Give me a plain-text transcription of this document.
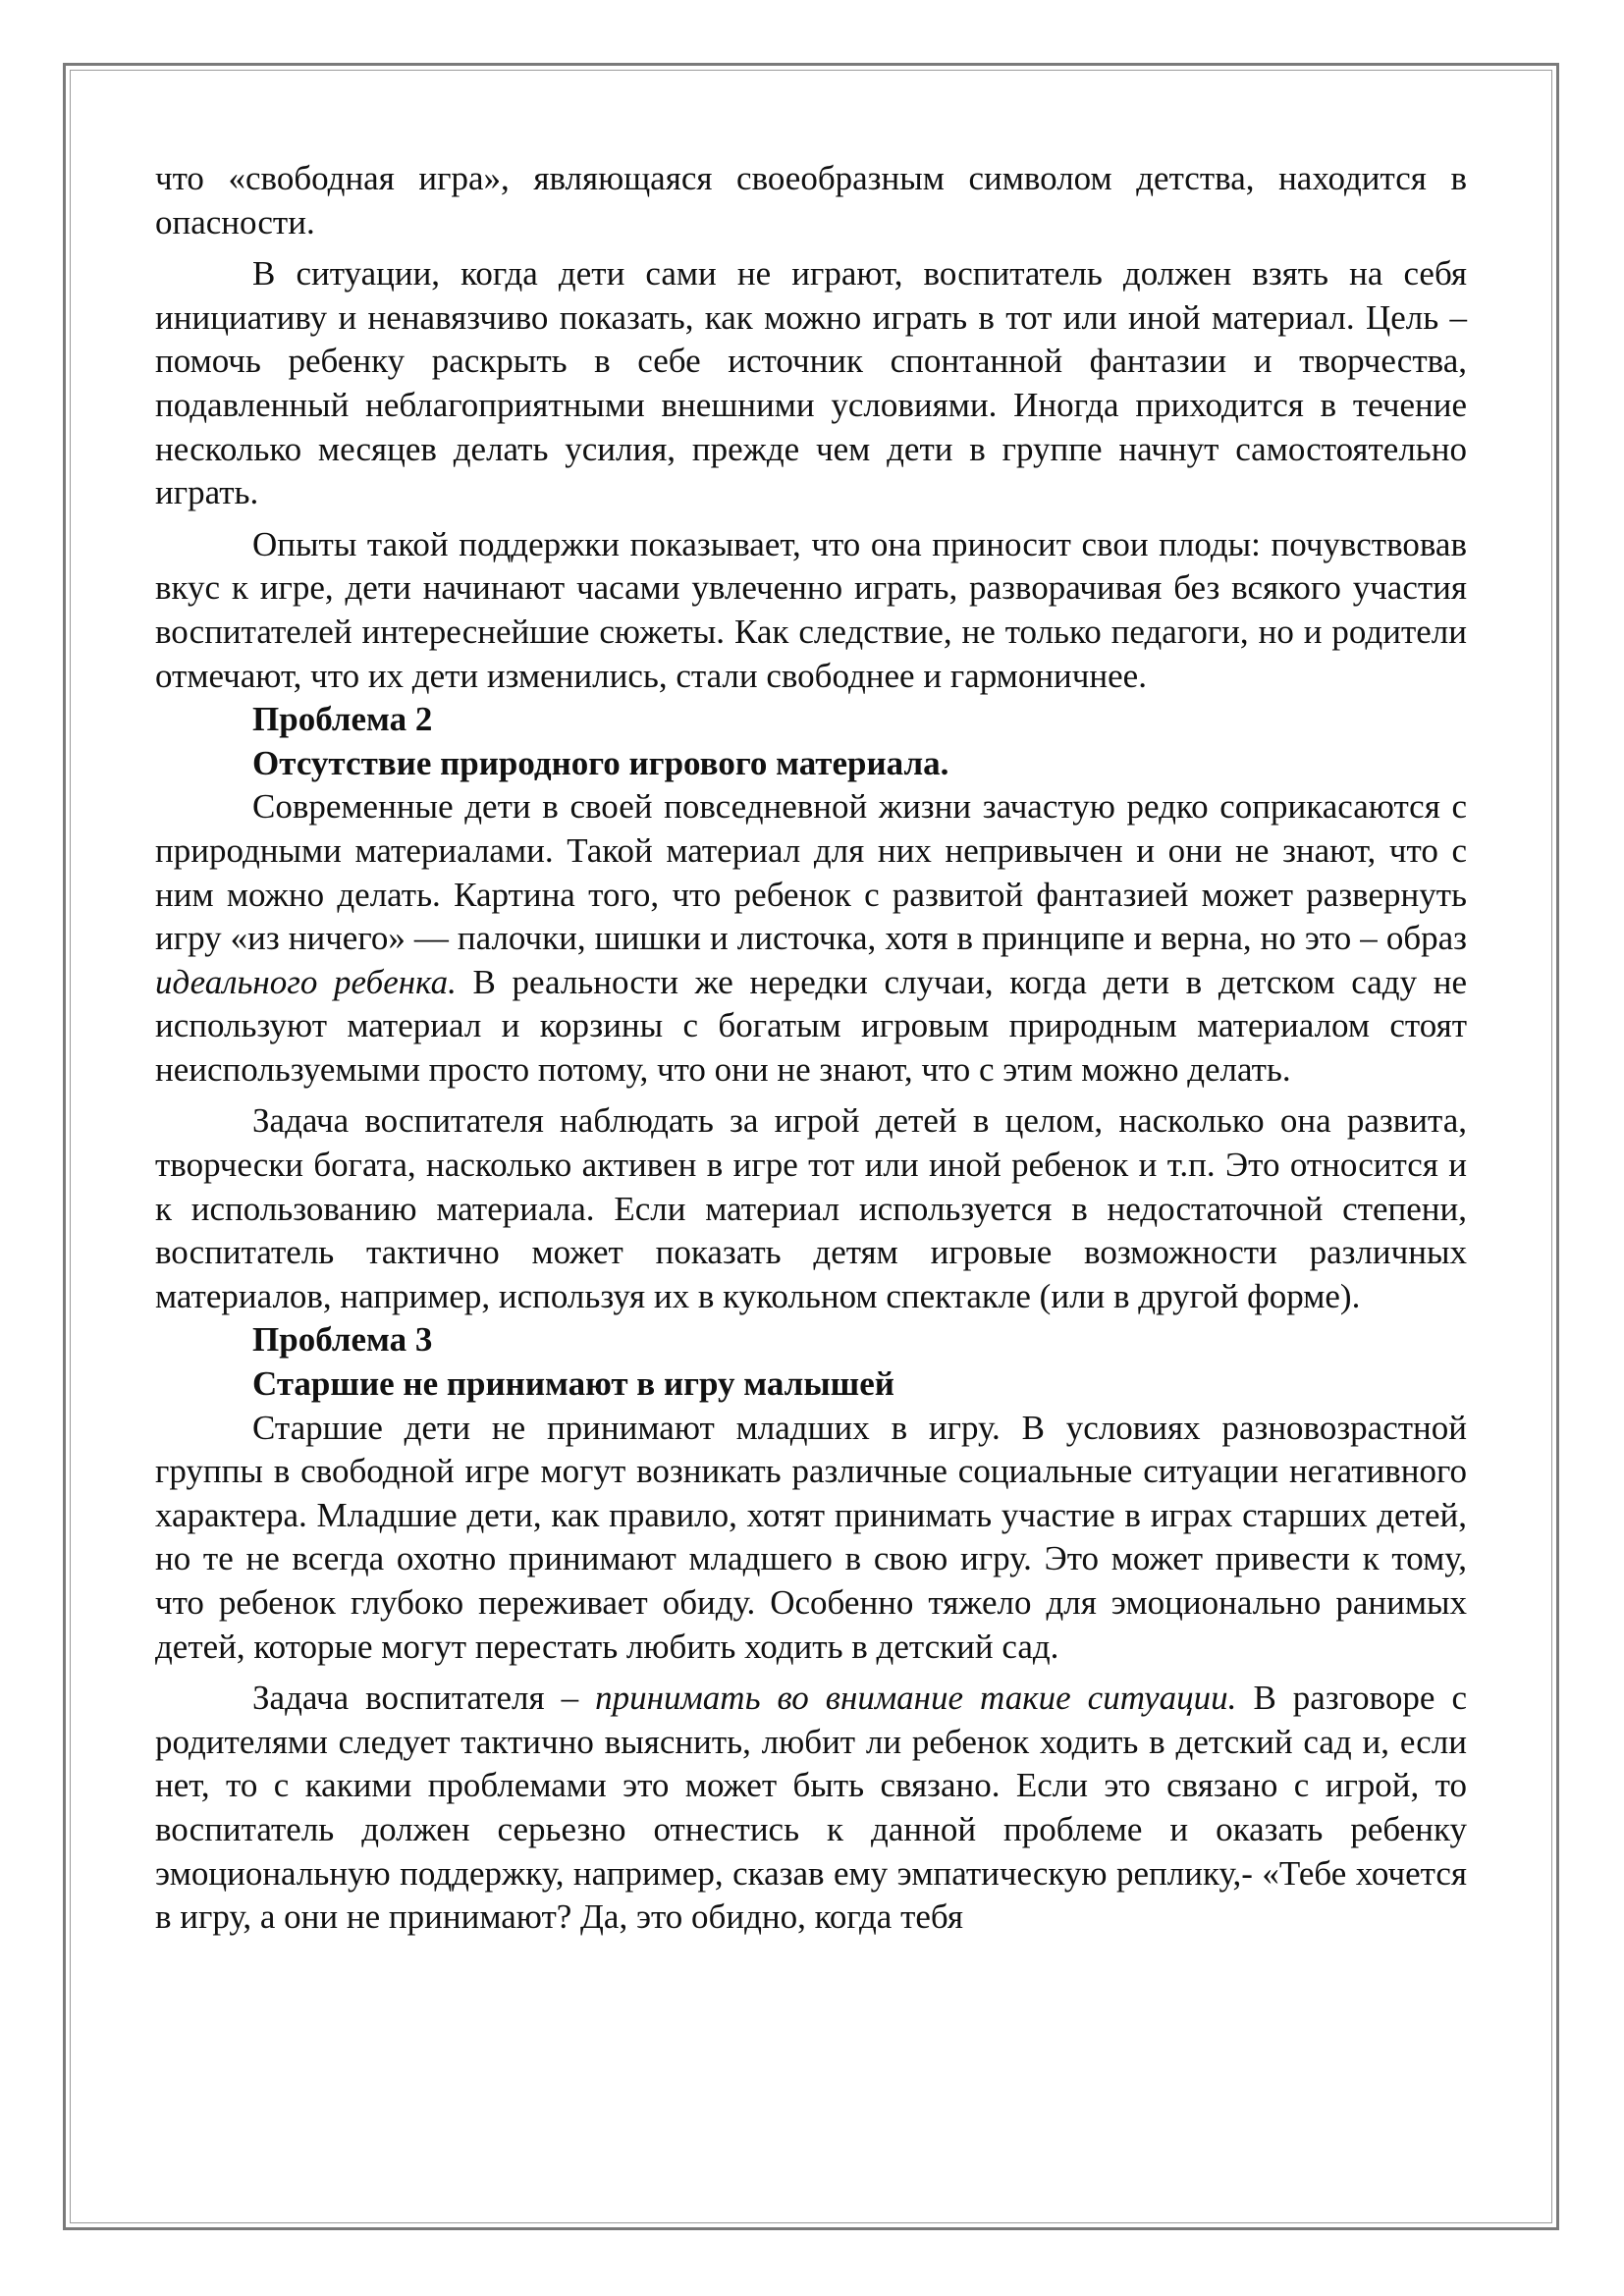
что «свободная игра», являющаяся своеобразным символом детства, находится в опасности.

В ситуации, когда дети сами не играют, воспитатель должен взять на себя инициативу и ненавязчиво показать, как можно играть в тот или иной материал. Цель – помочь ребенку раскрыть в себе источник спонтанной фантазии и творчества, подавленный неблагоприятными внешними условиями. Иногда приходится в течение несколько месяцев делать усилия, прежде чем дети в группе начнут самостоятельно играть.

Опыты такой поддержки показывает, что она приносит свои плоды: почувствовав вкус к игре, дети начинают часами увлеченно играть, разворачивая без всякого участия воспитателей интереснейшие сюжеты. Как следствие, не только педагоги, но и родители отмечают, что их дети изменились, стали свободнее и гармоничнее.

Проблема 2

Отсутствие природного игрового материала.

Современные дети в своей повседневной жизни зачастую редко соприкасаются с природными материалами. Такой материал для них непривычен и они не знают, что с ним можно делать. Картина того, что ребенок с развитой фантазией может развернуть игру «из ничего» — палочки, шишки и листочка, хотя в принципе и верна, но это – образ идеального ребенка. В реальности же нередки случаи, когда дети в детском саду не используют материал и корзины с богатым игровым природным материалом стоят неиспользуемыми просто потому, что они не знают, что с этим можно делать.

Задача воспитателя наблюдать за игрой детей в целом, насколько она развита, творчески богата, насколько активен в игре тот или иной ребенок и т.п. Это относится и к использованию материала. Если материал используется в недостаточной степени, воспитатель тактично может показать детям игровые возможности различных материалов, например, используя их в кукольном спектакле (или в другой форме).

Проблема 3

Старшие не принимают в игру малышей

Старшие дети не принимают младших в игру. В условиях разновозрастной группы в свободной игре могут возникать различные социальные ситуации негативного характера. Младшие дети, как правило, хотят принимать участие в играх старших детей, но те не всегда охотно принимают младшего в свою игру. Это может привести к тому, что ребенок глубоко переживает обиду. Особенно тяжело для эмоционально ранимых детей, которые могут перестать любить ходить в детский сад.

Задача воспитателя – принимать во внимание такие ситуации. В разговоре с родителями следует тактично выяснить, любит ли ребенок ходить в детский сад и, если нет, то с какими проблемами это может быть связано. Если это связано с игрой, то воспитатель должен серьезно отнестись к данной проблеме и оказать ребенку эмоциональную поддержку, например, сказав ему эмпатическую реплику,- «Тебе хочется в игру, а они не принимают? Да, это обидно, когда тебя
